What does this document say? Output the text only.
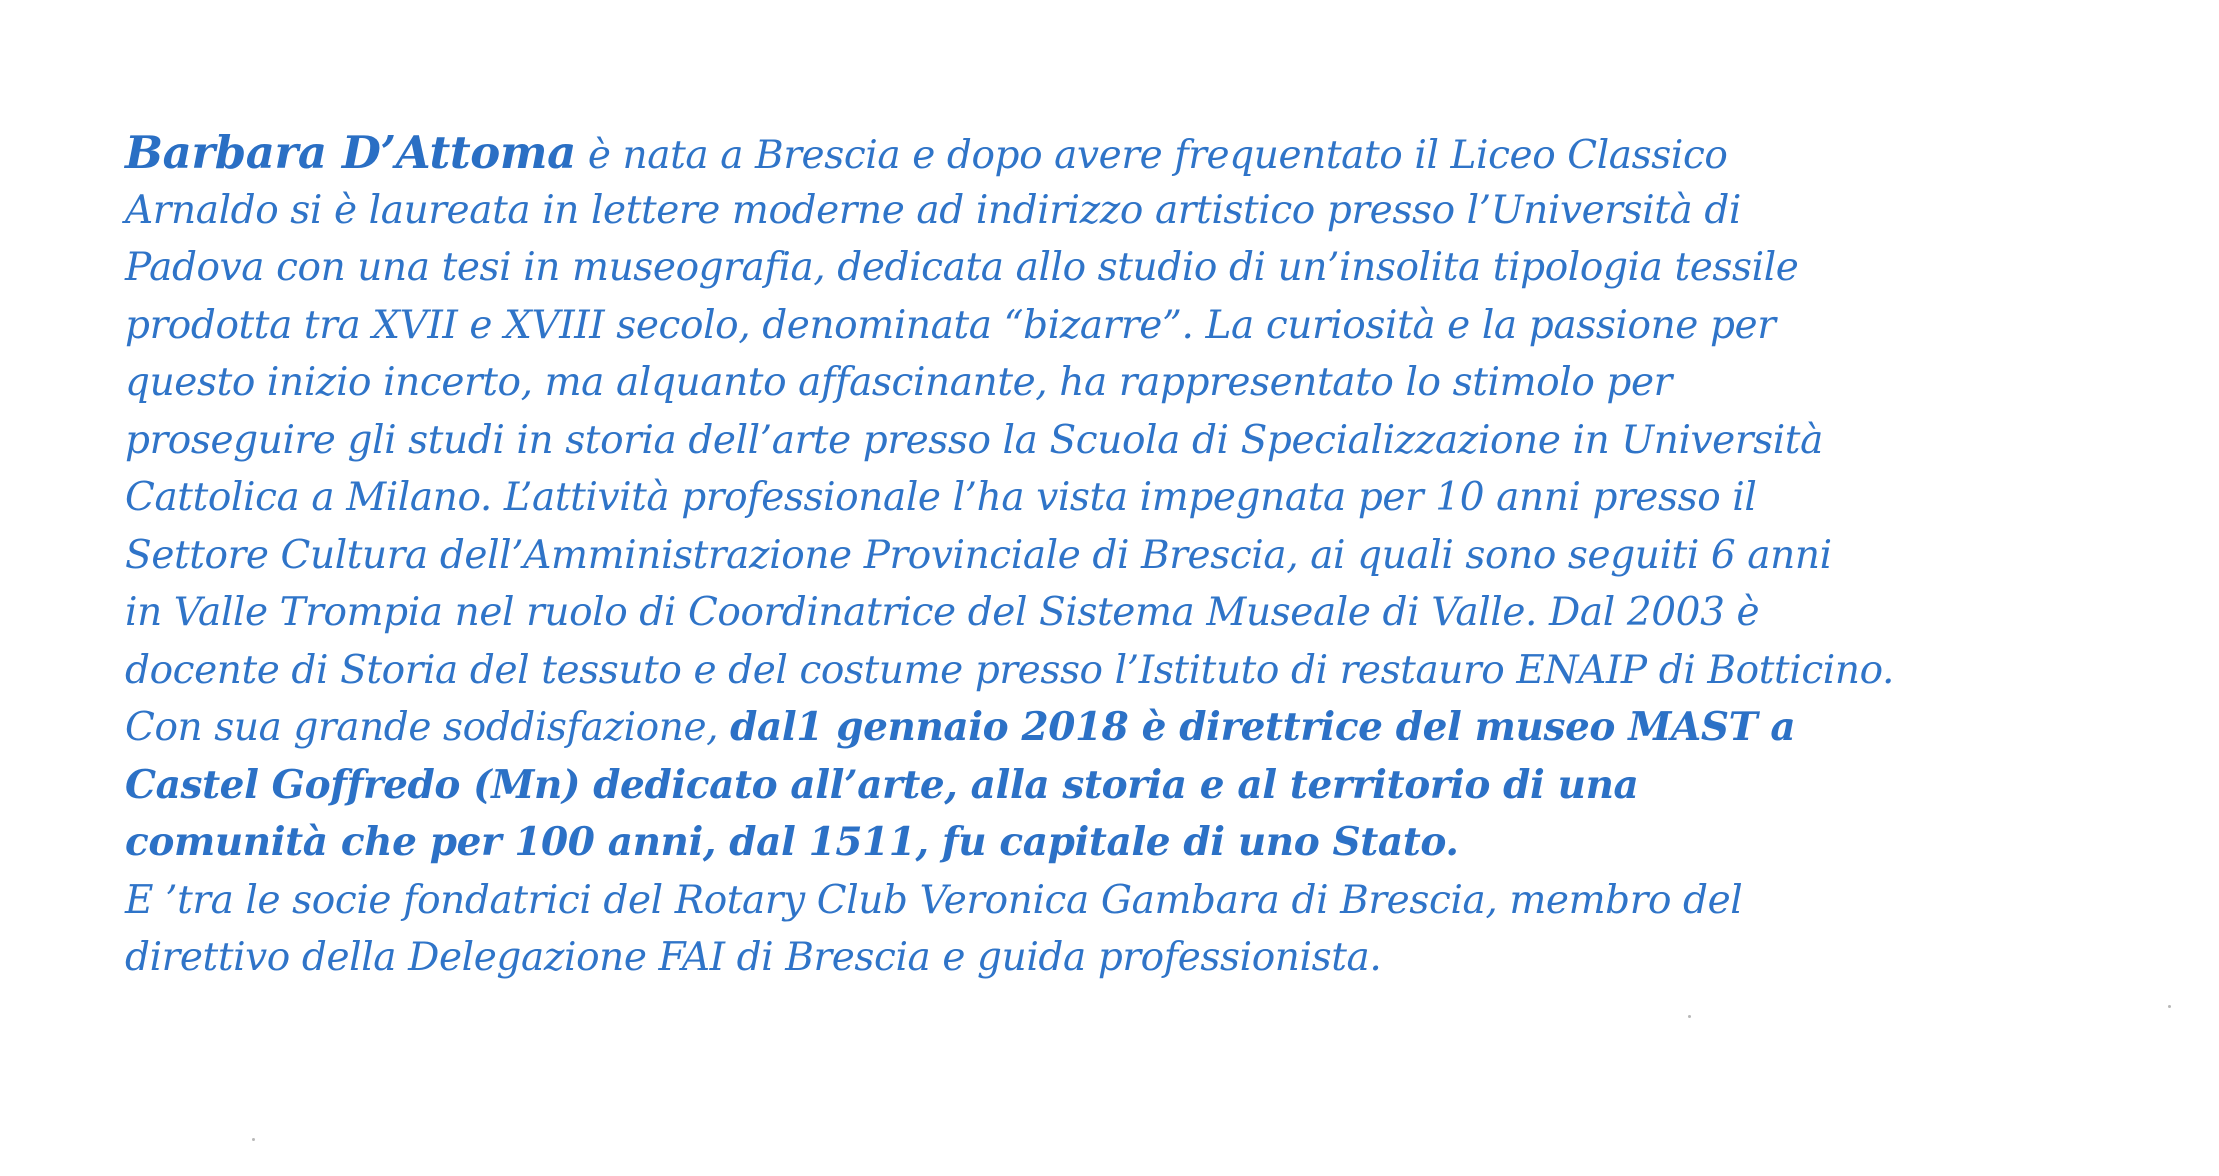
Barbara D’Attoma è nata a Brescia e dopo avere frequentato il Liceo Classico
Arnaldo si è laureata in lettere moderne ad indirizzo artistico presso l’Università di
Padova con una tesi in museografia, dedicata allo studio di un’insolita tipologia tessile
prodotta tra XVII e XVIII secolo, denominata “bizarre”. La curiosità e la passione per
questo inizio incerto, ma alquanto affascinante, ha rappresentato lo stimolo per
proseguire gli studi in storia dell’arte presso la Scuola di Specializzazione in Università
Cattolica a Milano. L’attività professionale l’ha vista impegnata per 10 anni presso il
Settore Cultura dell’Amministrazione Provinciale di Brescia, ai quali sono seguiti 6 anni
in Valle Trompia nel ruolo di Coordinatrice del Sistema Museale di Valle. Dal 2003 è
docente di Storia del tessuto e del costume presso l’Istituto di restauro ENAIP di Botticino.
Con sua grande soddisfazione, dal1 gennaio 2018 è direttrice del museo MAST a
Castel Goffredo (Mn) dedicato all’arte, alla storia e al territorio di una
comunità che per 100 anni, dal 1511, fu capitale di uno Stato.
E ’tra le socie fondatrici del Rotary Club Veronica Gambara di Brescia, membro del
direttivo della Delegazione FAI di Brescia e guida professionista.
